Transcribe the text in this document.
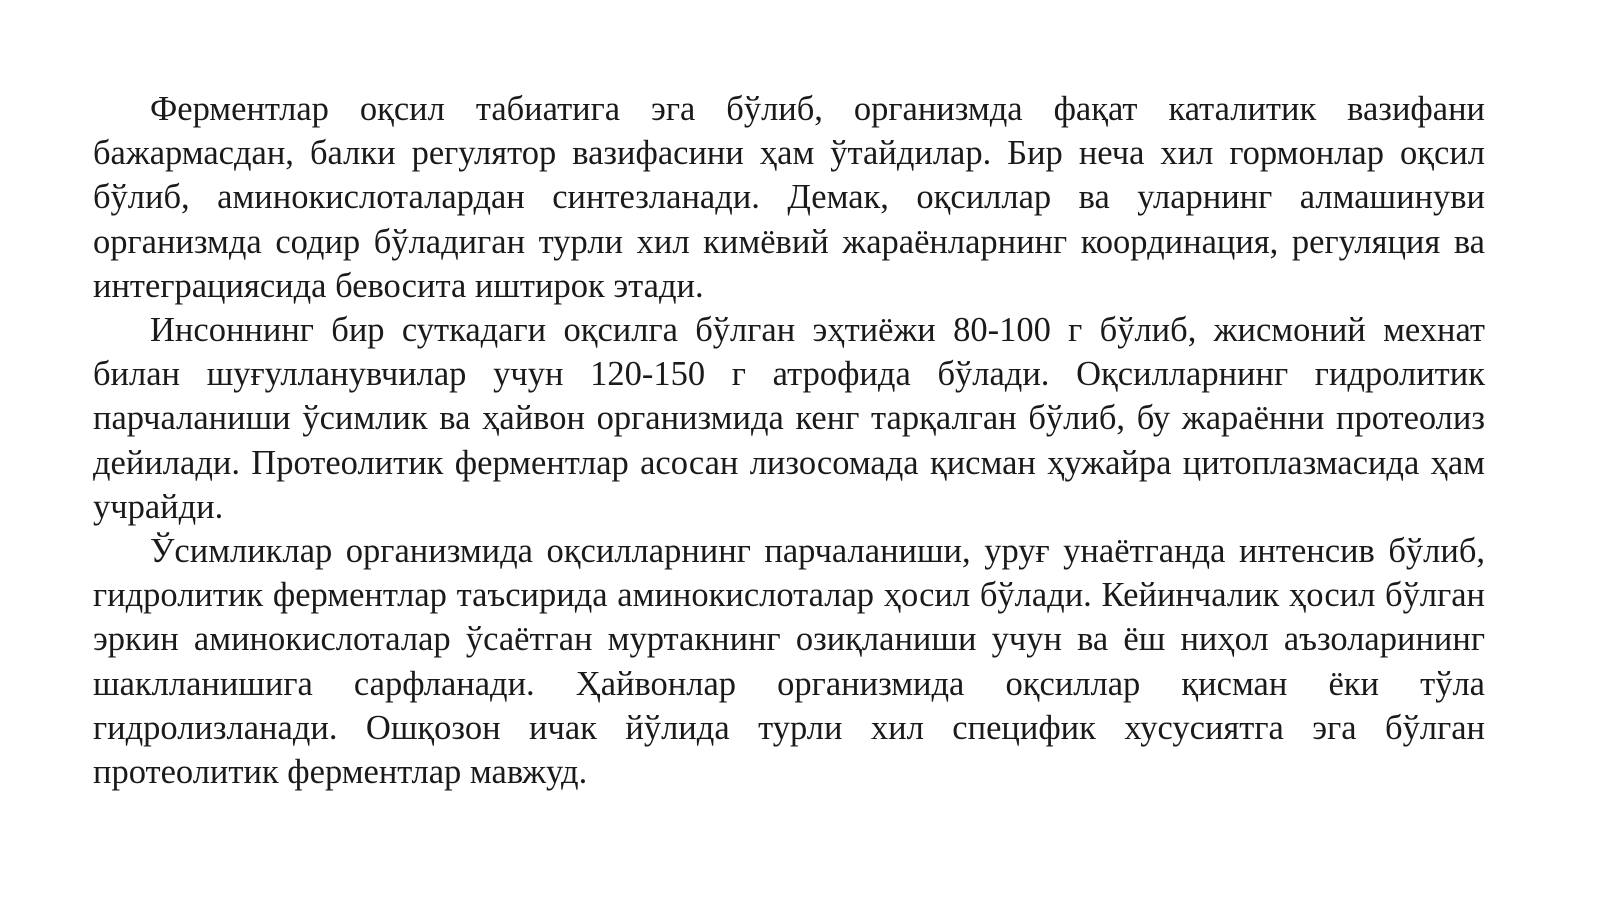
Ферментлар оқсил табиатига эга бўлиб, организмда фақат каталитик вазифани бажармасдан, балки регулятор вазифасини ҳам ўтайдилар. Бир неча хил гормонлар оқсил бўлиб, аминокислоталардан синтезланади. Демак, оқсиллар ва уларнинг алмашинуви организмда содир бўладиган турли хил кимёвий жараёнларнинг координация, регуляция ва интеграциясида бевосита иштирок этади.

Инсоннинг бир суткадаги оқсилга бўлган эҳтиёжи 80-100 г бўлиб, жисмоний мехнат билан шуғулланувчилар учун 120-150 г атрофида бўлади. Оқсилларнинг гидролитик парчаланиши ўсимлик ва ҳайвон организмида кенг тарқалган бўлиб, бу жараённи протеолиз дейилади. Протеолитик ферментлар асосан лизосомада қисман ҳужайра цитоплазмасида ҳам учрайди.

Ўсимликлар организмида оқсилларнинг парчаланиши, уруғ унаётганда интенсив бўлиб, гидролитик ферментлар таъсирида аминокислоталар ҳосил бўлади. Кейинчалик ҳосил бўлган эркин аминокислоталар ўсаётган муртакнинг озиқланиши учун ва ёш ниҳол аъзоларининг шаклланишига сарфланади. Ҳайвонлар организмида оқсиллар қисман ёки тўла гидролизланади. Ошқозон ичак йўлида турли хил специфик хусусиятга эга бўлган протеолитик ферментлар мавжуд.
